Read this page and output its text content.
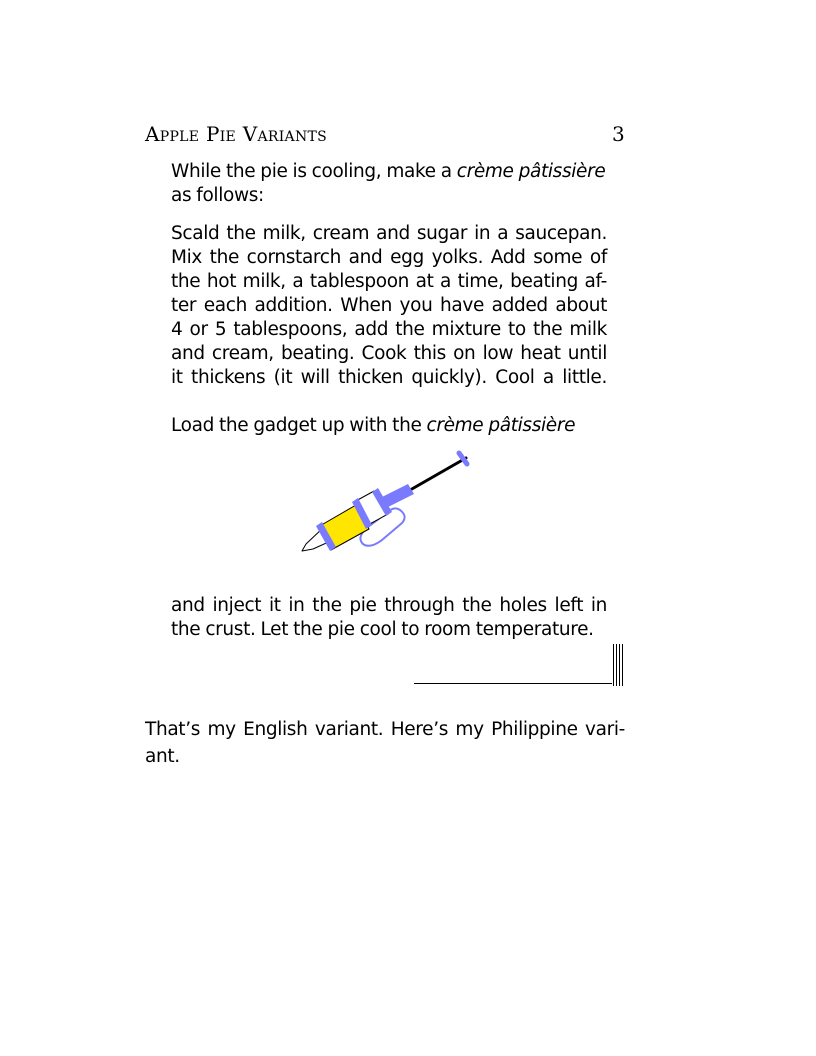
Apple Pie Variants	3

While the pie is cooling, make a crème pâtissière
as follows:

Scald the milk, cream and sugar in a saucepan.
Mix the cornstarch and egg yolks. Add some of
the hot milk, a tablespoon at a time, beating af-
ter each addition. When you have added about
4 or 5 tablespoons, add the mixture to the milk
and cream, beating. Cook this on low heat until
it thickens (it will thicken quickly). Cool a little.

Load the gadget up with the crème pâtissière

and inject it in the pie through the holes left in
the crust. Let the pie cool to room temperature.

That’s my English variant. Here’s my Philippine vari-
ant.
